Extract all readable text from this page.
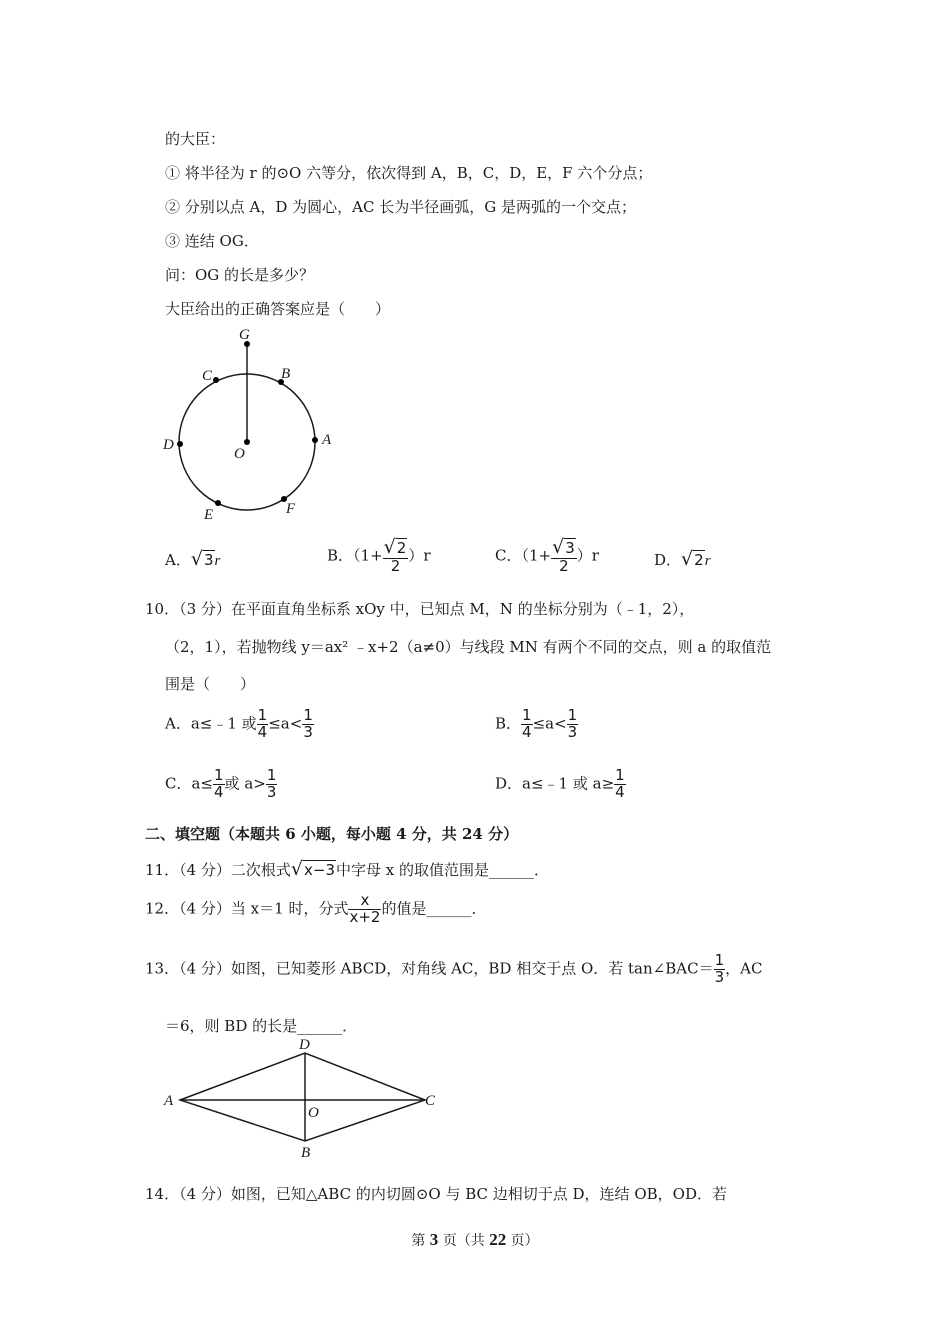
的大臣：
① 将半径为 r 的⊙O 六等分，依次得到 A，B，C，D，E，F 六个分点；
② 分别以点 A，D 为圆心，AC 长为半径画弧，G 是两弧的一个交点；
③ 连结 OG．
问：OG 的长是多少？
大臣给出的正确答案应是（　　）
G
C	B
D
O
A
E	F
A．√3r	B．$(1+ \frac{√2}{2} )r$	C．$(1+ \frac{√3}{2} )r$	D．√2r
10．（3 分）在平面直角坐标系 xOy 中，已知点 M，N 的坐标分别为（﹣1，2），
（2，1），若抛物线 y＝ax² ﹣x+2（a≠0）与线段 MN 有两个不同的交点，则 a 的取值范
围是（　　）
A．a≤﹣1 或 $\frac{1}{4} \le a< \frac{1}{3}$	B． $\frac{1}{4} \le a< \frac{1}{3}$
C．$a\le \frac{1}{4}$ 或 $a> \frac{1}{3}$	D．a≤﹣1 或 $a\ge \frac{1}{4}$
二、填空题（本题共 6 小题，每小题 4 分，共 24 分）
11．（4 分）二次根式√x−3中字母 x 的取值范围是______．
12．（4 分）当 x＝1 时，分式 $\frac{x}{x+2}$ 的值是______．
13．（4 分）如图，已知菱形 ABCD，对角线 AC，BD 相交于点 O．若 tan∠BAC＝ $\frac{1}{3}$ ，AC
＝6，则 BD 的长是______．
A
B
C
D
O
14．（4 分）如图，已知△ABC 的内切圆⊙O 与 BC 边相切于点 D，连结 OB，OD．若
第 3 页（共 22 页）
